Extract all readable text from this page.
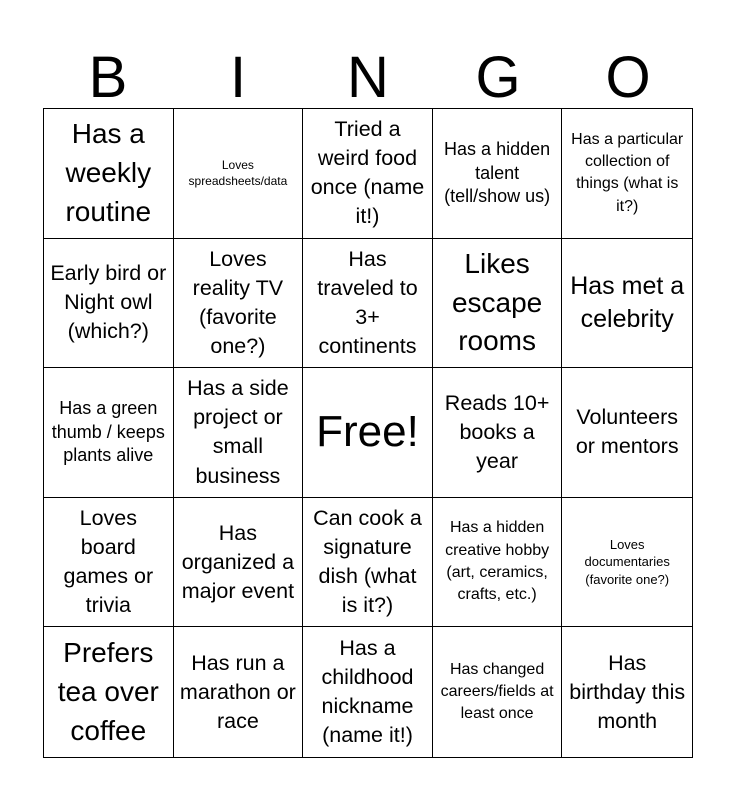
B	I	N	G	O
Has a weekly routine
Loves spreadsheets/data
Tried a weird food once (name it!)
Has a hidden talent (tell/show us)
Has a particular collection of things (what is it?)
Early bird or Night owl (which?)
Loves reality TV (favorite one?)
Has traveled to 3+ continents
Likes escape rooms
Has met a celebrity
Has a green thumb / keeps plants alive
Has a side project or small business
Free!
Reads 10+ books a year
Volunteers or mentors
Loves board games or trivia
Has organized a major event
Can cook a signature dish (what is it?)
Has a hidden creative hobby (art, ceramics, crafts, etc.)
Loves documentaries (favorite one?)
Prefers tea over coffee
Has run a marathon or race
Has a childhood nickname (name it!)
Has changed careers/fields at least once
Has birthday this month
